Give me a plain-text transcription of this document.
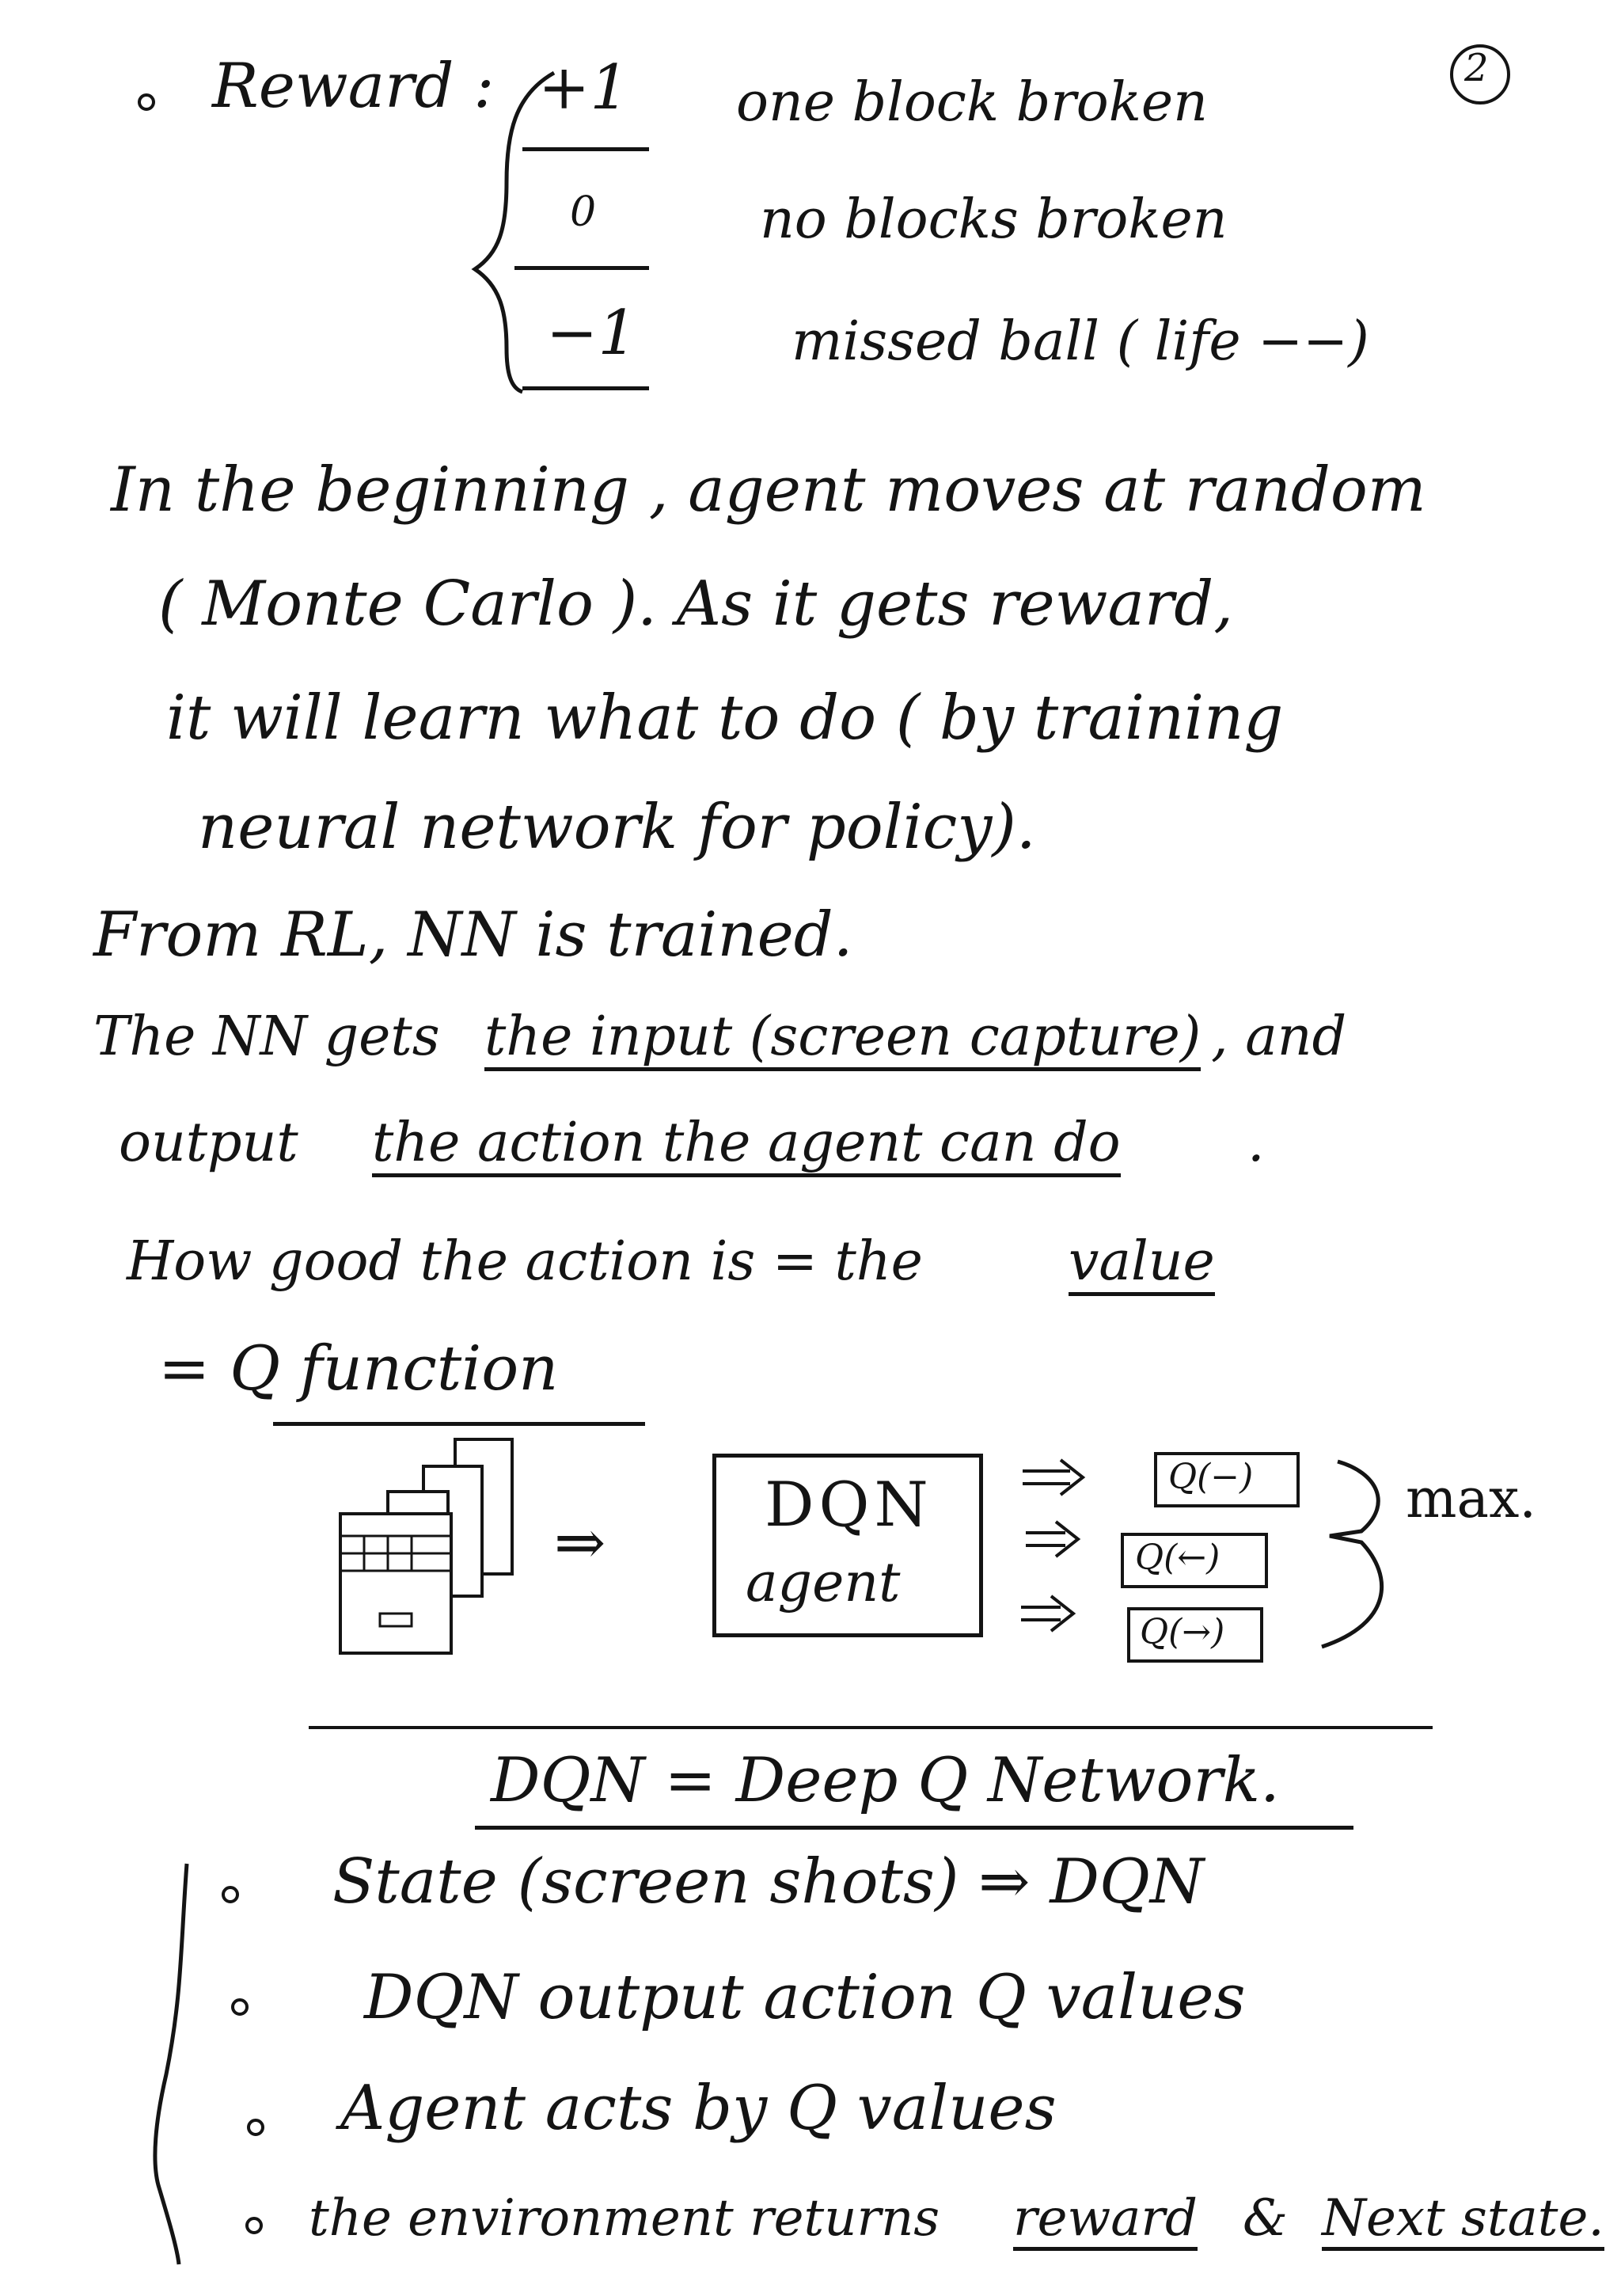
2
Reward : +1 one block broken
0	no blocks broken
−1	missed ball ( life −−)
In the beginning , agent moves at random
( Monte Carlo ). As it gets reward,
it will learn what to do ( by training
neural network for policy).
From RL, NN is trained.
The NN gets the input (screen capture) , and
output the action the agent can do .
How good the action is = the	value
= Q function
⇒
DQN
agent
Q(−)
Q(←)
Q(→)
max.
DQN = Deep Q Network.
State (screen shots) ⇒ DQN
DQN output action Q values
Agent acts by Q values
the environment returns reward & Next state.
